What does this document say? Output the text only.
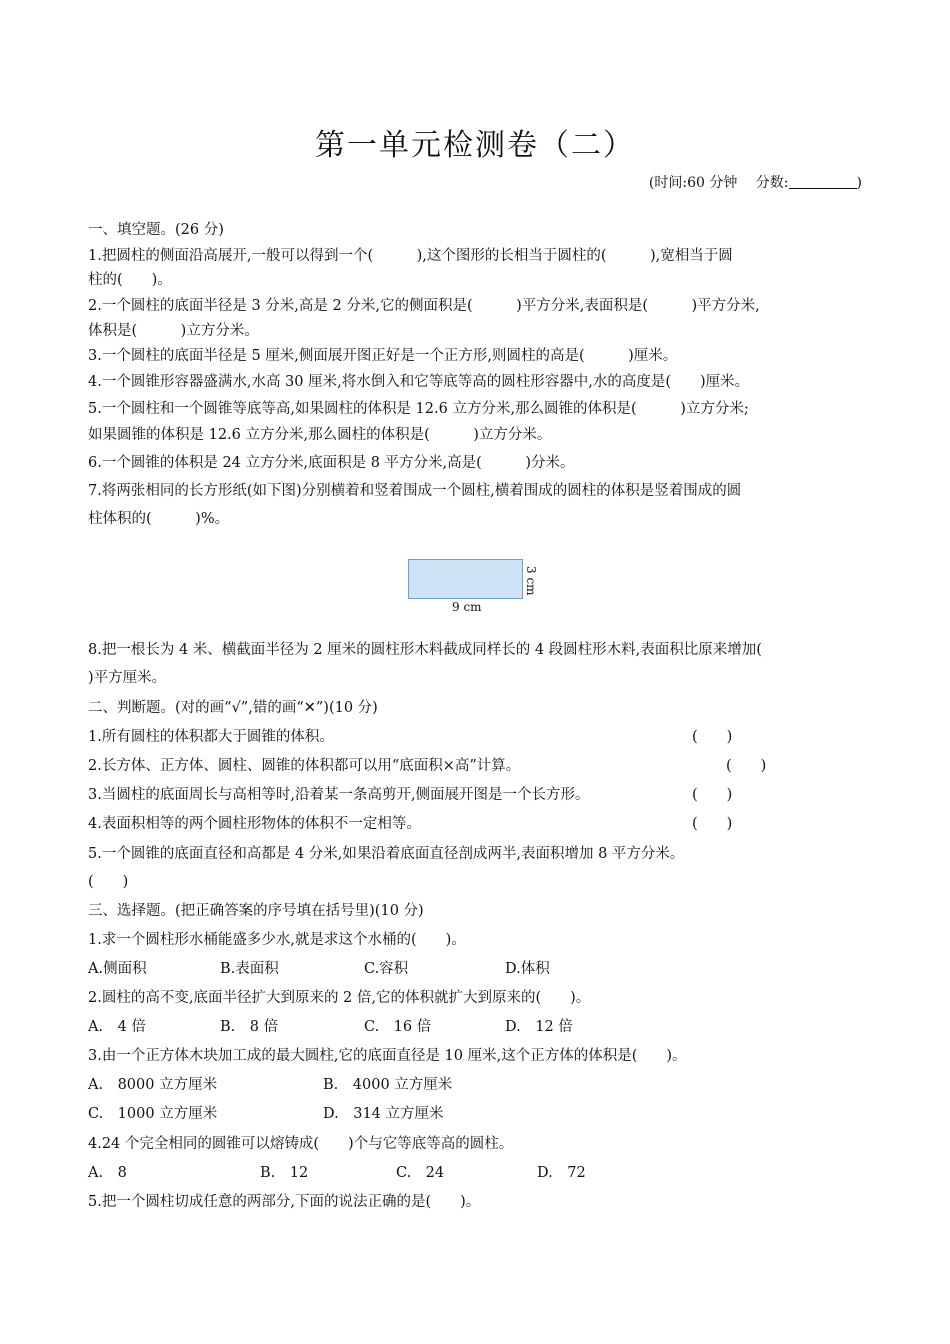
第一单元检测卷（二）
(时间:60 分钟　 分数:	)
一、填空题。(26 分)
1.把圆柱的侧面沿高展开,一般可以得到一个(　　　),这个图形的长相当于圆柱的(　　　),宽相当于圆
柱的(　　)。
2.一个圆柱的底面半径是 3 分米,高是 2 分米,它的侧面积是(　　　)平方分米,表面积是(　　　)平方分米,
体积是(　　　)立方分米。
3.一个圆柱的底面半径是 5 厘米,侧面展开图正好是一个正方形,则圆柱的高是(　　　)厘米。
4.一个圆锥形容器盛满水,水高 30 厘米,将水倒入和它等底等高的圆柱形容器中,水的高度是(　　)厘米。
5.一个圆柱和一个圆锥等底等高,如果圆柱的体积是 12.6 立方分米,那么圆锥的体积是(　　　)立方分米;
如果圆锥的体积是 12.6 立方分米,那么圆柱的体积是(　　　)立方分米。
6.一个圆锥的体积是 24 立方分米,底面积是 8 平方分米,高是(　　　)分米。
7.将两张相同的长方形纸(如下图)分别横着和竖着围成一个圆柱,横着围成的圆柱的体积是竖着围成的圆
柱体积的(　　　)%。
9 cm
3 cm
8.把一根长为 4 米、横截面半径为 2 厘米的圆柱形木料截成同样长的 4 段圆柱形木料,表面积比原来增加(
)平方厘米。
二、判断题。(对的画“√”,错的画“✕”)(10 分)
1.所有圆柱的体积都大于圆锥的体积。	(　　)
2.长方体、正方体、圆柱、圆锥的体积都可以用“底面积×高”计算。	(　　)
3.当圆柱的底面周长与高相等时,沿着某一条高剪开,侧面展开图是一个长方形。	(　　)
4.表面积相等的两个圆柱形物体的体积不一定相等。	(　　)
5.一个圆锥的底面直径和高都是 4 分米,如果沿着底面直径剖成两半,表面积增加 8 平方分米。
(　　)
三、选择题。(把正确答案的序号填在括号里)(10 分)
1.求一个圆柱形水桶能盛多少水,就是求这个水桶的(　　)。
A.侧面积	B.表面积	C.容积	D.体积
2.圆柱的高不变,底面半径扩大到原来的 2 倍,它的体积就扩大到原来的(　　)。
A.　4 倍	B.　8 倍	C.　16 倍	D.　12 倍
3.由一个正方体木块加工成的最大圆柱,它的底面直径是 10 厘米,这个正方体的体积是(　　)。
A.　8000 立方厘米	B.　4000 立方厘米
C.　1000 立方厘米	D.　314 立方厘米
4.24 个完全相同的圆锥可以熔铸成(　　)个与它等底等高的圆柱。
A.　8	B.　12	C.　24	D.　72
5.把一个圆柱切成任意的两部分,下面的说法正确的是(　　)。
